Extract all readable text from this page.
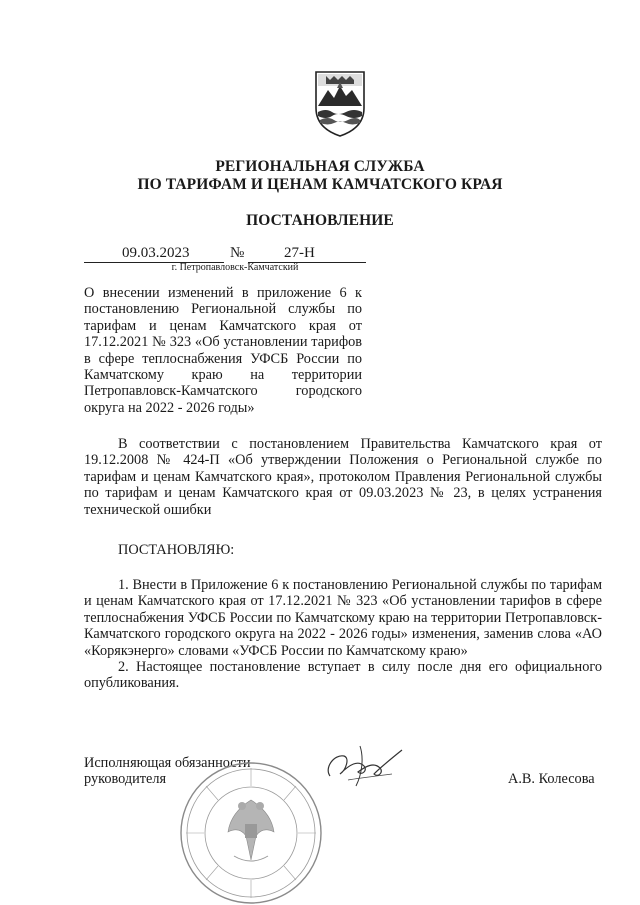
РЕГИОНАЛЬНАЯ СЛУЖБА
ПО ТАРИФАМ И ЦЕНАМ КАМЧАТСКОГО КРАЯ
ПОСТАНОВЛЕНИЕ
09.03.2023	№	27-Н
г. Петропавловск-Камчатский
О внесении изменений в приложение 6 к постановлению Региональной службы по тарифам и ценам Камчатского края от 17.12.2021 № 323 «Об установлении тарифов в сфере теплоснабжения УФСБ России по Камчатскому краю на территории Петропавловск-Камчатского городского округа на 2022 - 2026 годы»
В соответствии с постановлением Правительства Камчатского края от 19.12.2008 № 424-П «Об утверждении Положения о Региональной службе по тарифам и ценам Камчатского края», протоколом Правления Региональной службы по тарифам и ценам Камчатского края от 09.03.2023 № 23, в целях устранения технической ошибки
ПОСТАНОВЛЯЮ:
1. Внести в Приложение 6 к постановлению Региональной службы по тарифам и ценам Камчатского края от 17.12.2021 № 323 «Об установлении тарифов в сфере теплоснабжения УФСБ России по Камчатскому краю на территории Петропавловск-Камчатского городского округа на 2022 - 2026 годы» изменения, заменив слова «АО «Корякэнерго» словами «УФСБ России по Камчатскому краю»
2. Настоящее постановление вступает в силу после дня его официального опубликования.
Исполняющая обязанности
руководителя	А.В. Колесова
